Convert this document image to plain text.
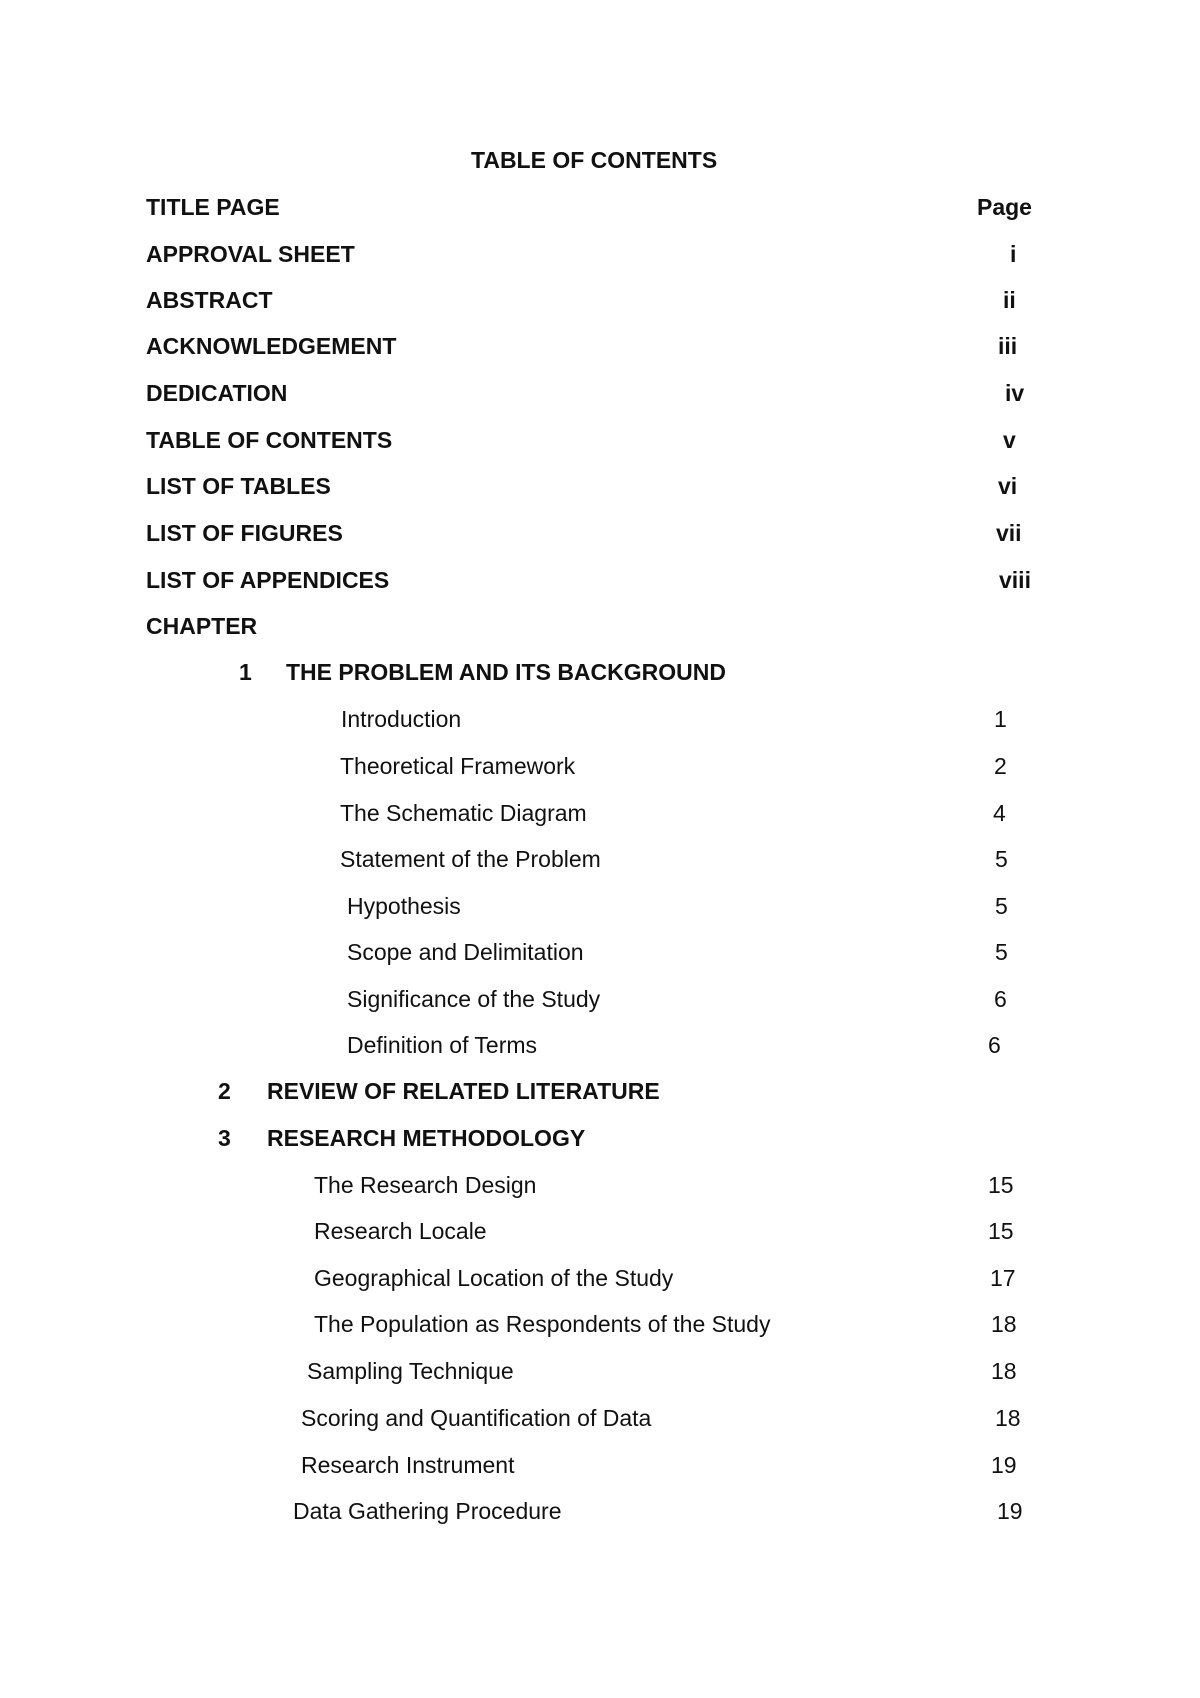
TABLE OF CONTENTS
TITLE PAGE	Page
APPROVAL SHEET	i
ABSTRACT	ii
ACKNOWLEDGEMENT	iii
DEDICATION	iv
TABLE OF CONTENTS	v
LIST OF TABLES	vi
LIST OF FIGURES	vii
LIST OF APPENDICES	viii
CHAPTER
1 THE PROBLEM AND ITS BACKGROUND
Introduction	1
Theoretical Framework	2
The Schematic Diagram	4
Statement of the Problem	5
Hypothesis	5
Scope and Delimitation	5
Significance of the Study	6
Definition of Terms	6
2 REVIEW OF RELATED LITERATURE
3 RESEARCH METHODOLOGY
The Research Design	15
Research Locale	15
Geographical Location of the Study	17
The Population as Respondents of the Study	18
Sampling Technique	18
Scoring and Quantification of Data	18
Research Instrument	19
Data Gathering Procedure	19
